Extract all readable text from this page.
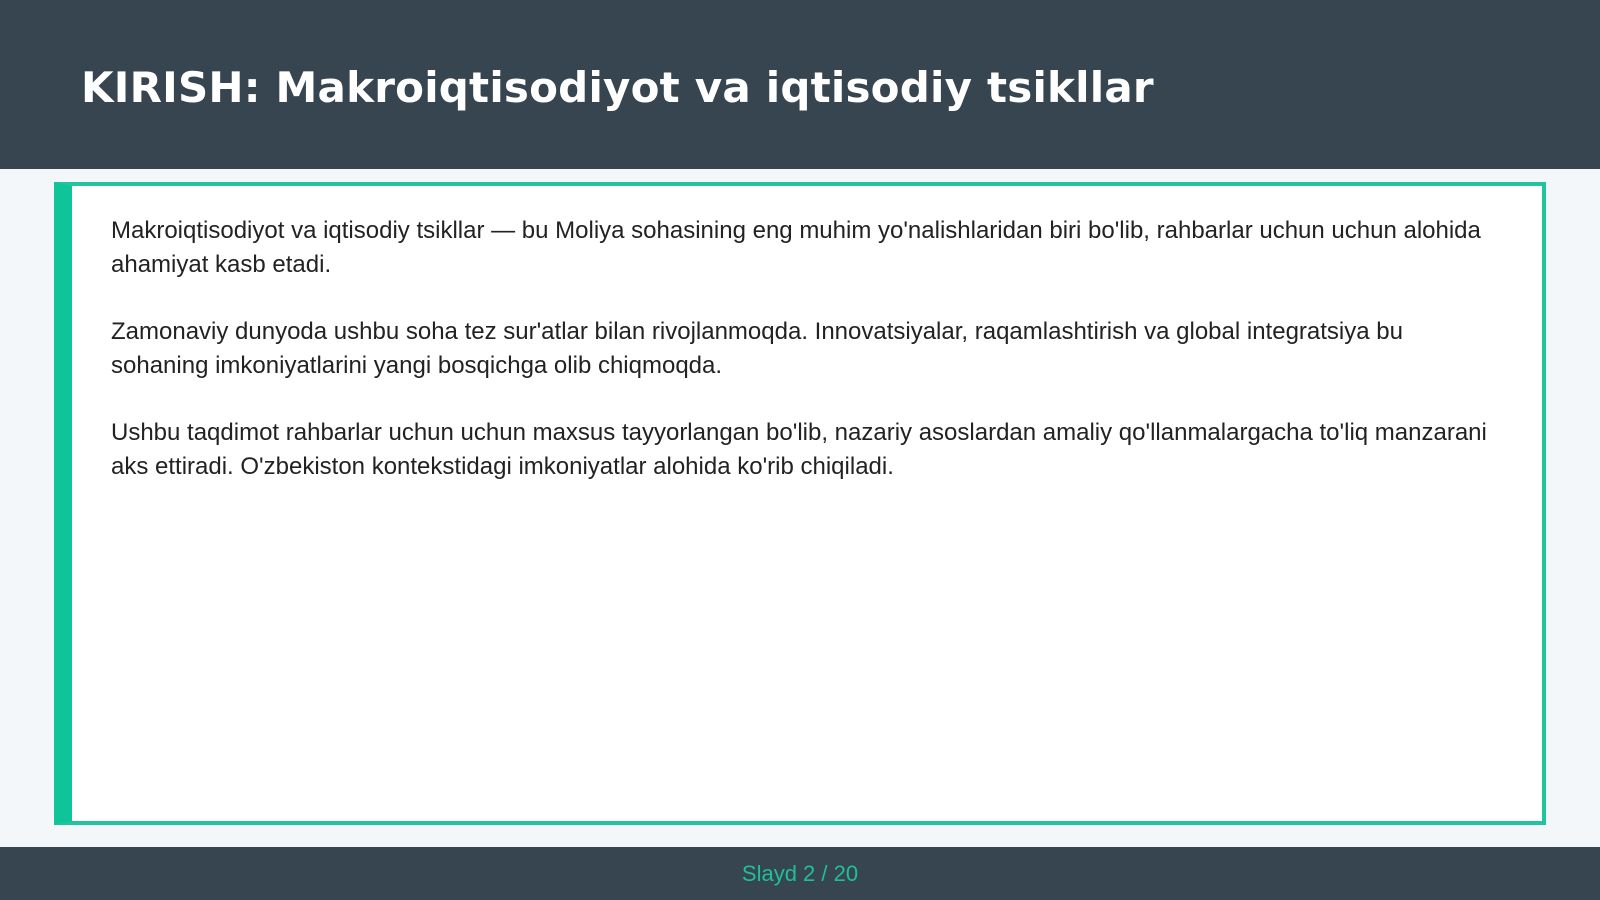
KIRISH: Makroiqtisodiyot va iqtisodiy tsikllar

Makroiqtisodiyot va iqtisodiy tsikllar — bu Moliya sohasining eng muhim yo'nalishlaridan biri bo'lib, rahbarlar uchun uchun alohida ahamiyat kasb etadi.

Zamonaviy dunyoda ushbu soha tez sur'atlar bilan rivojlanmoqda. Innovatsiyalar, raqamlashtirish va global integratsiya bu sohaning imkoniyatlarini yangi bosqichga olib chiqmoqda.

Ushbu taqdimot rahbarlar uchun uchun maxsus tayyorlangan bo'lib, nazariy asoslardan amaliy qo'llanmalargacha to'liq manzarani aks ettiradi. O'zbekiston kontekstidagi imkoniyatlar alohida ko'rib chiqiladi.

Slayd 2 / 20
